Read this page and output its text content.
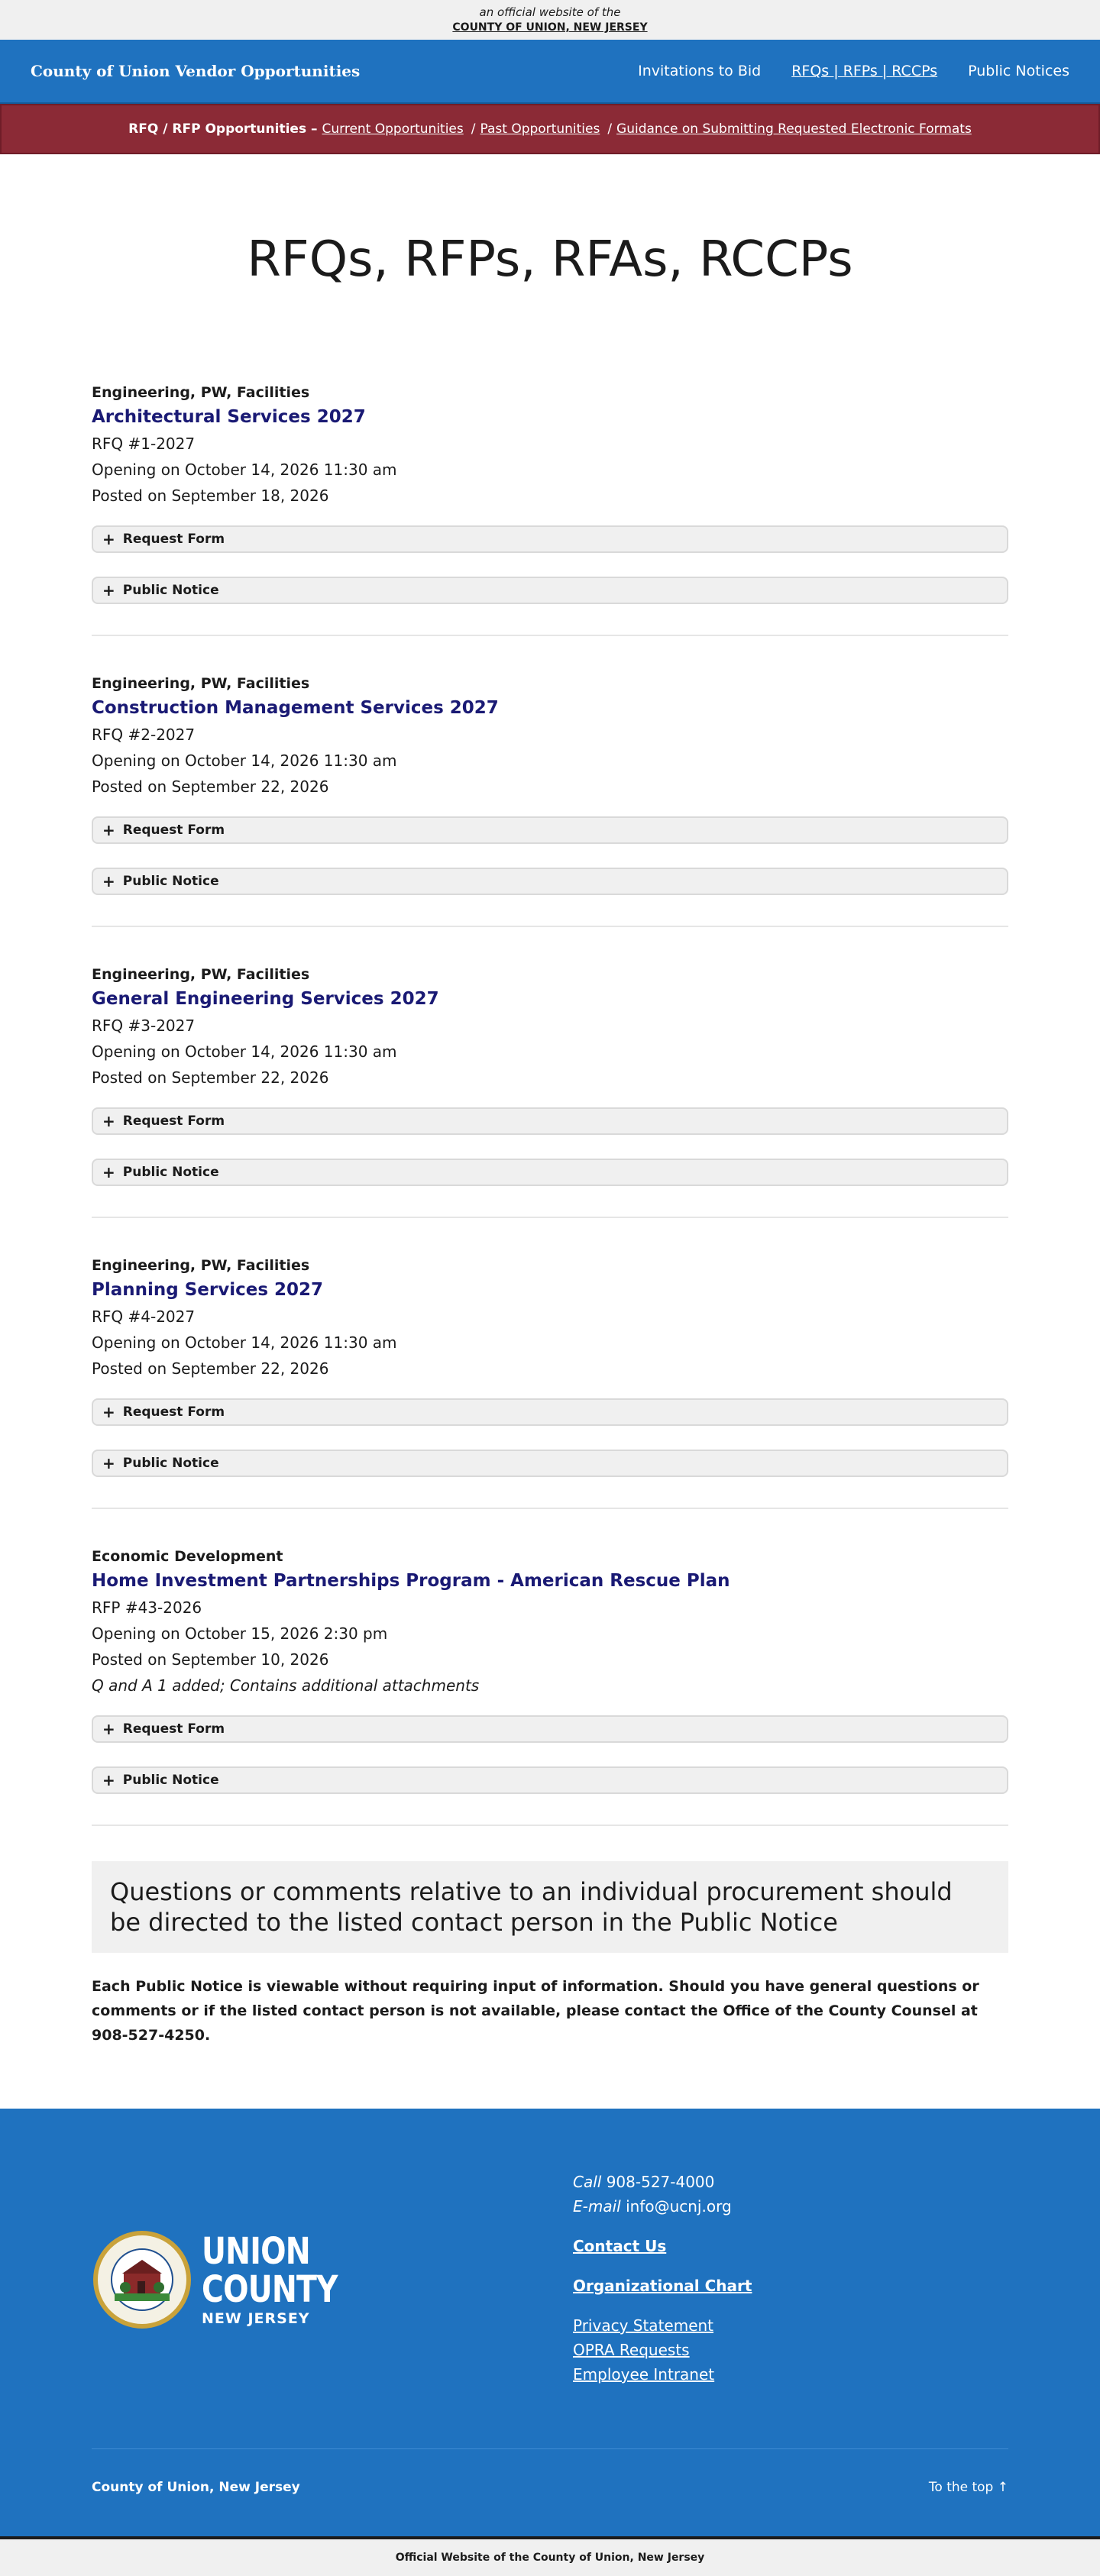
an official website of the
COUNTY OF UNION, NEW JERSEY
County of Union Vendor Opportunities	Invitations to Bid RFQs | RFPs | RCCPs Public Notices
RFQ / RFP Opportunities – Current Opportunities / Past Opportunities / Guidance on Submitting Requested Electronic Formats
RFQs, RFPs, RFAs, RCCPs
Engineering, PW, Facilities
Architectural Services 2027
RFQ #1-2027
Opening on October 14, 2026 11:30 am
Posted on September 18, 2026
+ Request Form
+ Public Notice
Engineering, PW, Facilities
Construction Management Services 2027
RFQ #2-2027
Opening on October 14, 2026 11:30 am
Posted on September 22, 2026
+ Request Form
+ Public Notice
Engineering, PW, Facilities
General Engineering Services 2027
RFQ #3-2027
Opening on October 14, 2026 11:30 am
Posted on September 22, 2026
+ Request Form
+ Public Notice
Engineering, PW, Facilities
Planning Services 2027
RFQ #4-2027
Opening on October 14, 2026 11:30 am
Posted on September 22, 2026
+ Request Form
+ Public Notice
Economic Development
Home Investment Partnerships Program - American Rescue Plan
RFP #43-2026
Opening on October 15, 2026 2:30 pm
Posted on September 10, 2026
Q and A 1 added; Contains additional attachments
+ Request Form
+ Public Notice
Questions or comments relative to an individual procurement should be directed to the listed contact person in the Public Notice

Each Public Notice is viewable without requiring input of information. Should you have general questions or comments or if the listed contact person is not available, please contact the Office of the County Counsel at 908-527-4250.

UNION
COUNTY
NEW JERSEY
Call 908-527-4000
E-mail info@ucnj.org
Contact Us
Organizational Chart
Privacy Statement
OPRA Requests
Employee Intranet
County of Union, New Jersey	To the top ↑
Official Website of the County of Union, New Jersey
